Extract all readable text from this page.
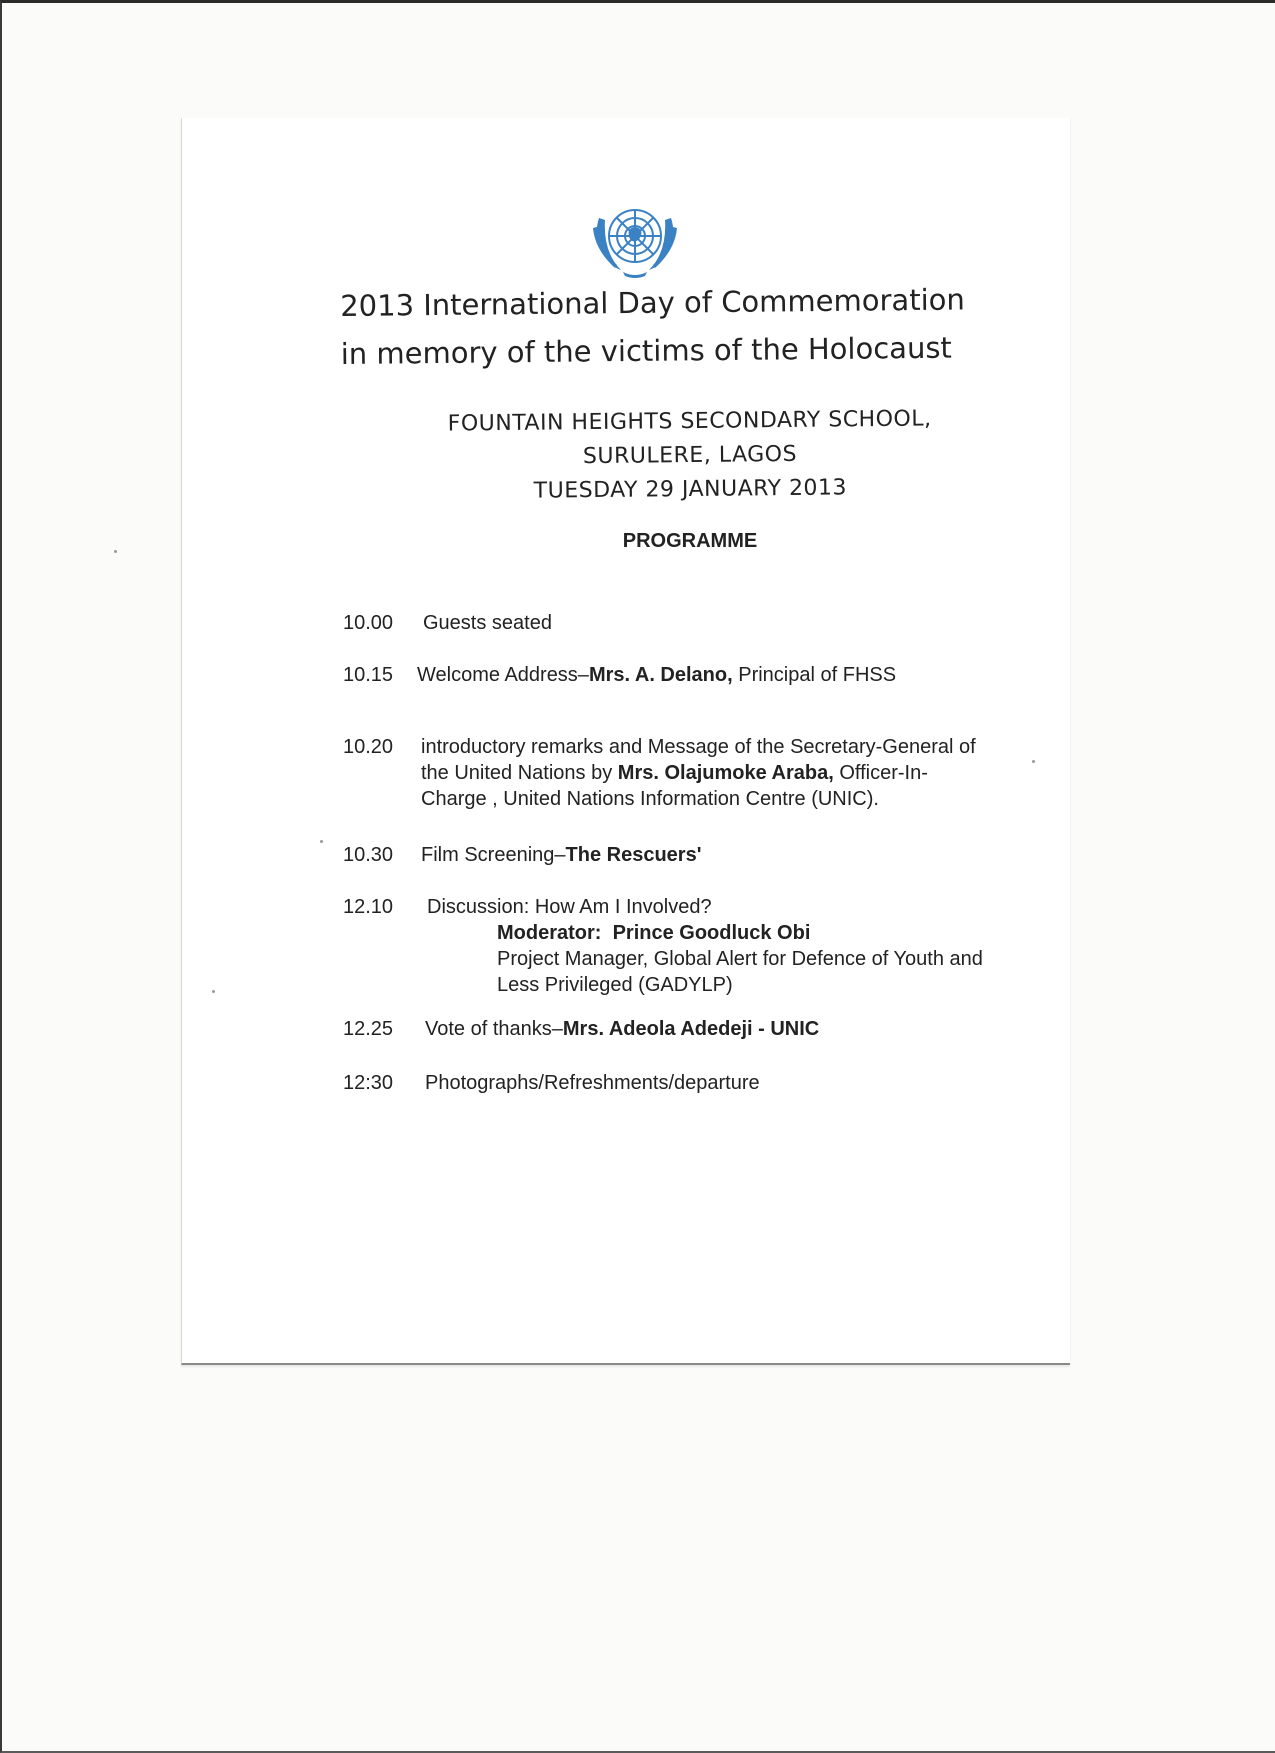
2013 International Day of Commemoration
in memory of the victims of the Holocaust
FOUNTAIN HEIGHTS SECONDARY SCHOOL,
SURULERE, LAGOS
TUESDAY 29 JANUARY 2013
PROGRAMME
10.00	Guests seated
10.15	Welcome Address–Mrs. A. Delano, Principal of FHSS
10.20	introductory remarks and Message of the Secretary-General of the United Nations by Mrs. Olajumoke Araba, Officer-In-Charge , United Nations Information Centre (UNIC).
10.30	Film Screening–The Rescuers'
12.10	Discussion: How Am I Involved?
Moderator: Prince Goodluck Obi
Project Manager, Global Alert for Defence of Youth and
Less Privileged (GADYLP)
12.25	Vote of thanks–Mrs. Adeola Adedeji - UNIC
12:30	Photographs/Refreshments/departure
